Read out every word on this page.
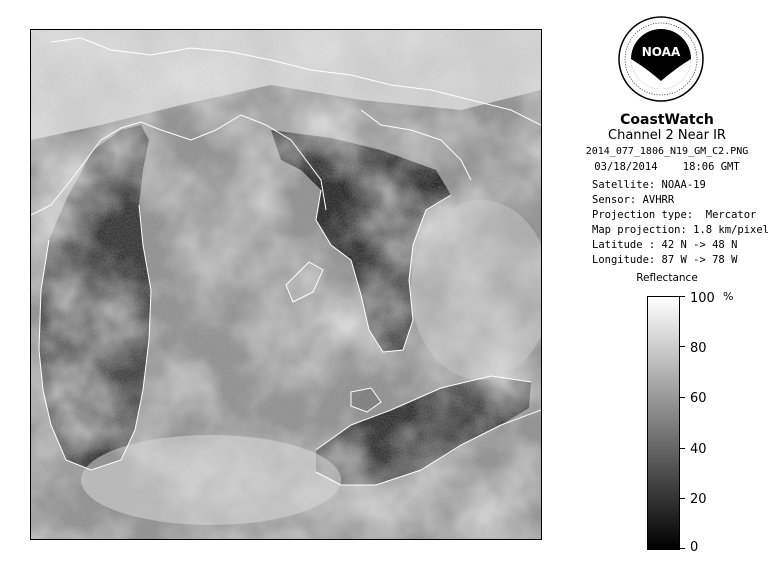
NOAA
CoastWatch
Channel 2 Near IR
2014_077_1806_N19_GM_C2.PNG
03/18/2014    18:06 GMT
Satellite: NOAA-19
Sensor: AVHRR
Projection type:  Mercator
Map projection: 1.8 km/pixel
Latitude : 42 N -> 48 N
Longitude: 87 W -> 78 W
Reflectance
%
100
80
60
40
20
0
